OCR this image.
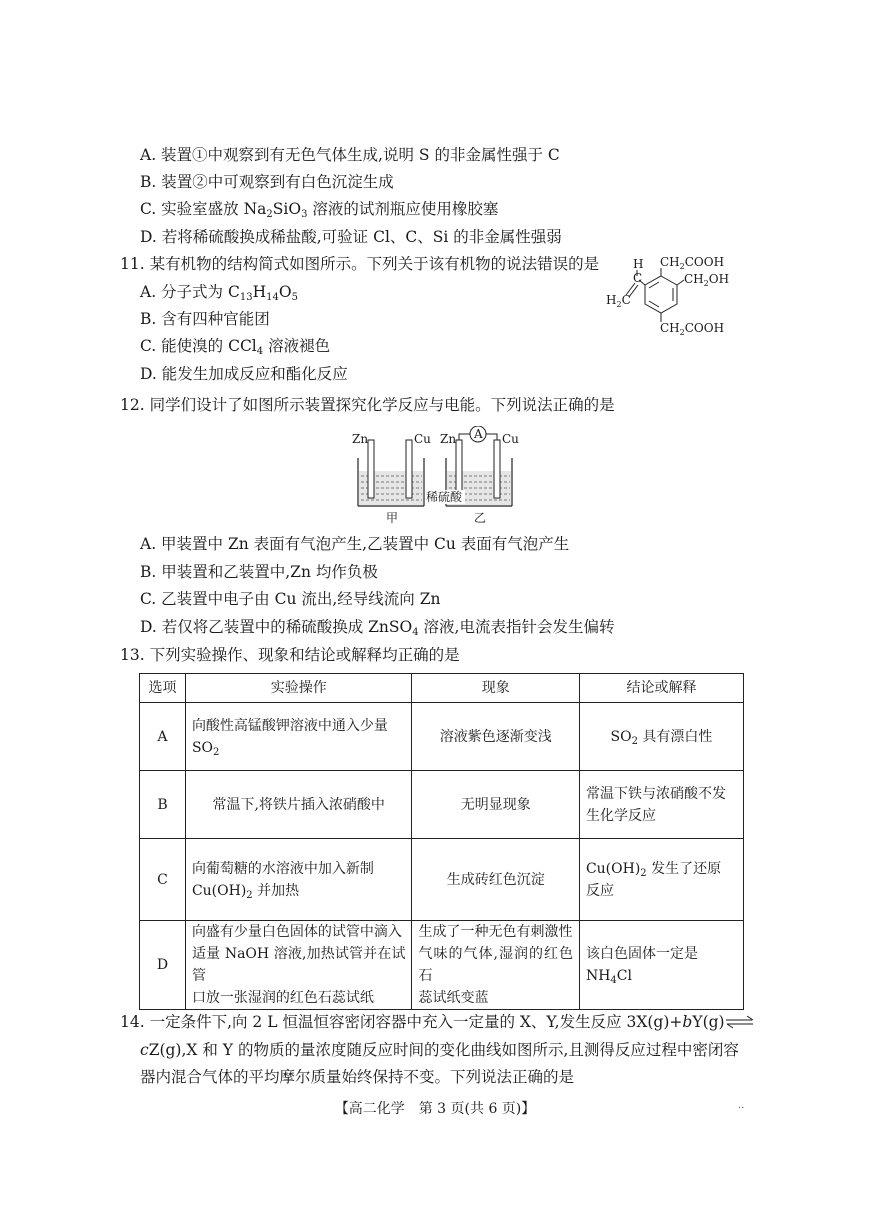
A. 装置①中观察到有无色气体生成,说明 S 的非金属性强于 C
B. 装置②中可观察到有白色沉淀生成
C. 实验室盛放 $Na_2SiO_3$ 溶液的试剂瓶应使用橡胶塞
D. 若将稀硫酸换成稀盐酸,可验证 Cl、C、Si 的非金属性强弱
11. 某有机物的结构简式如图所示。下列关于该有机物的说法错误的是
A. 分子式为 $C_{13}H_{14}O_5$
B. 含有四种官能团
C. 能使溴的 CCl$_4$ 溶液褪色
D. 能发生加成反应和酯化反应
H
C
$H_2C$
$CH_2COOH$
$CH_2OH$
$CH_2COOH$
12. 同学们设计了如图所示装置探究化学反应与电能。下列说法正确的是
Zn	Cu
甲
A
Zn	Cu
乙
稀硫酸
A. 甲装置中 Zn 表面有气泡产生,乙装置中 Cu 表面有气泡产生
B. 甲装置和乙装置中,Zn 均作负极
C. 乙装置中电子由 Cu 流出,经导线流向 Zn
D. 若仅将乙装置中的稀硫酸换成 ZnSO$_4$ 溶液,电流表指针会发生偏转
13. 下列实验操作、现象和结论或解释均正确的是
选项	实验操作	现象	结论或解释
A	向酸性高锰酸钾溶液中通入少量
$SO_2$	溶液紫色逐渐变浅	$SO_2$ 具有漂白性
B	常温下,将铁片插入浓硝酸中	无明显现象	常温下铁与浓硝酸不发
生化学反应
C	向葡萄糖的水溶液中加入新制
$Cu(OH)_2$ 并加热	生成砖红色沉淀	$Cu(OH)_2$ 发生了还原
反应
D	向盛有少量白色固体的试管中滴入
适量 NaOH 溶液,加热试管并在试管
口放一张湿润的红色石蕊试纸	生成了一种无色有刺激性
气味的气体,湿润的红色石
蕊试纸变蓝	该白色固体一定是
$NH_4Cl$
14. 一定条件下,向 2 L 恒温恒容密闭容器中充入一定量的 X、Y,发生反应 3X(g)+bY(g)⇌
cZ(g),X 和 Y 的物质的量浓度随反应时间的变化曲线如图所示,且测得反应过程中密闭容
器内混合气体的平均摩尔质量始终保持不变。下列说法正确的是
【高二化学　第 3 页(共 6 页)】	..
